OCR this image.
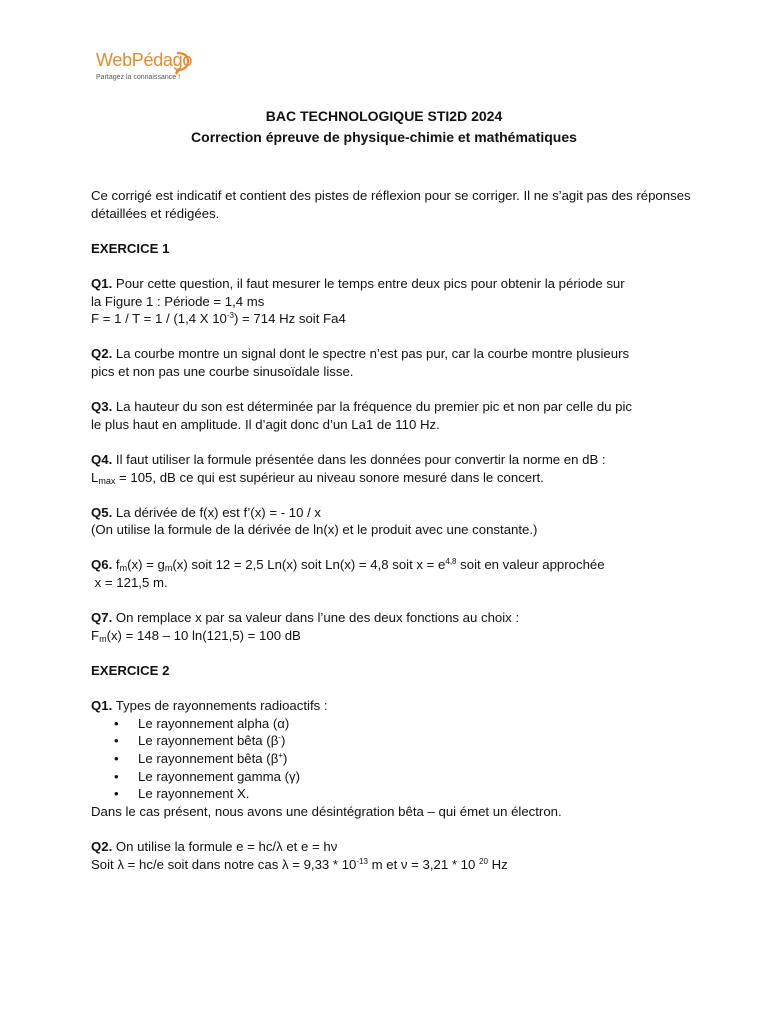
WebPédago
Partagez la connaissance !
BAC TECHNOLOGIQUE STI2D 2024
Correction épreuve de physique-chimie et mathématiques

Ce corrigé est indicatif et contient des pistes de réflexion pour se corriger. Il ne s’agit pas des réponses détaillées et rédigées.

EXERCICE 1

Q1. Pour cette question, il faut mesurer le temps entre deux pics pour obtenir la période sur

la Figure 1 : Période = 1,4 ms

F = 1 / T = 1 / (1,4 X $10^{-3}) = 714$ Hz soit Fa4

Q2. La courbe montre un signal dont le spectre n’est pas pur, car la courbe montre plusieurs

pics et non pas une courbe sinusoïdale lisse.

Q3. La hauteur du son est déterminée par la fréquence du premier pic et non par celle du pic

le plus haut en amplitude. Il d’agit donc d’un La1 de 110 Hz.

Q4. Il faut utiliser la formule présentée dans les données pour convertir la norme en dB :

$L_{max} = 105$, dB ce qui est supérieur au niveau sonore mesuré dans le concert.

Q5. La dérivée de f(x) est f’(x) = - 10 / x

(On utilise la formule de la dérivée de ln(x) et le produit avec une constante.)

Q6. $f_m(x) = g_m(x)$ soit 12 = 2,5 Ln(x) soit Ln(x) = 4,8 soit $x = e^{4,8}$ soit en valeur approchée

x = 121,5 m.

Q7. On remplace x par sa valeur dans l’une des deux fonctions au choix :

$F_m(x) = 148 - 10$ ln(121,5) = 100 dB

EXERCICE 2

Q1. Types de rayonnements radioactifs :

• Le rayonnement alpha (α)
• Le rayonnement bêta (β-)
• Le rayonnement bêta (β+)
• Le rayonnement gamma (γ)
• Le rayonnement X.

Dans le cas présent, nous avons une désintégration bêta – qui émet un électron.

Q2. On utilise la formule e = hc/λ et e = hν

Soit λ = hc/e soit dans notre cas $\lambda = 9,33 * 10^{-13}$ m et ν = 3,21 * 10 $^{20}$ Hz
